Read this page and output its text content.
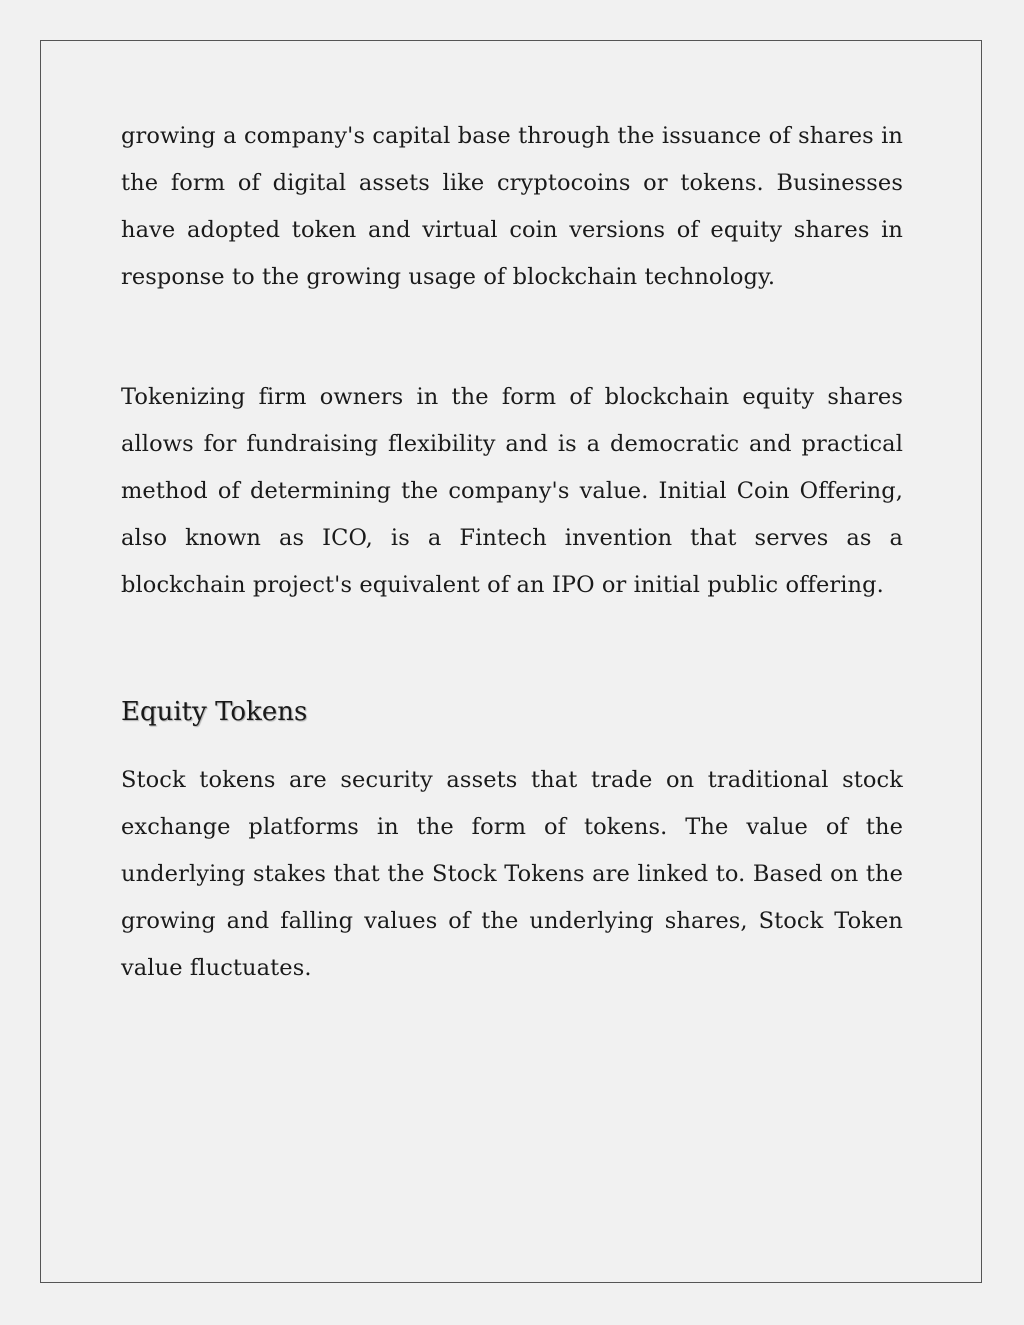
growing a company's capital base through the issuance of shares in the form of digital assets like cryptocoins or tokens. Businesses have adopted token and virtual coin versions of equity shares in response to the growing usage of blockchain technology.

Tokenizing firm owners in the form of blockchain equity shares allows for fundraising flexibility and is a democratic and practical method of determining the company's value. Initial Coin Offering, also known as ICO, is a Fintech invention that serves as a blockchain project's equivalent of an IPO or initial public offering.

Equity Tokens

Stock tokens are security assets that trade on traditional stock exchange platforms in the form of tokens. The value of the underlying stakes that the Stock Tokens are linked to. Based on the growing and falling values of the underlying shares, Stock Token value fluctuates.
